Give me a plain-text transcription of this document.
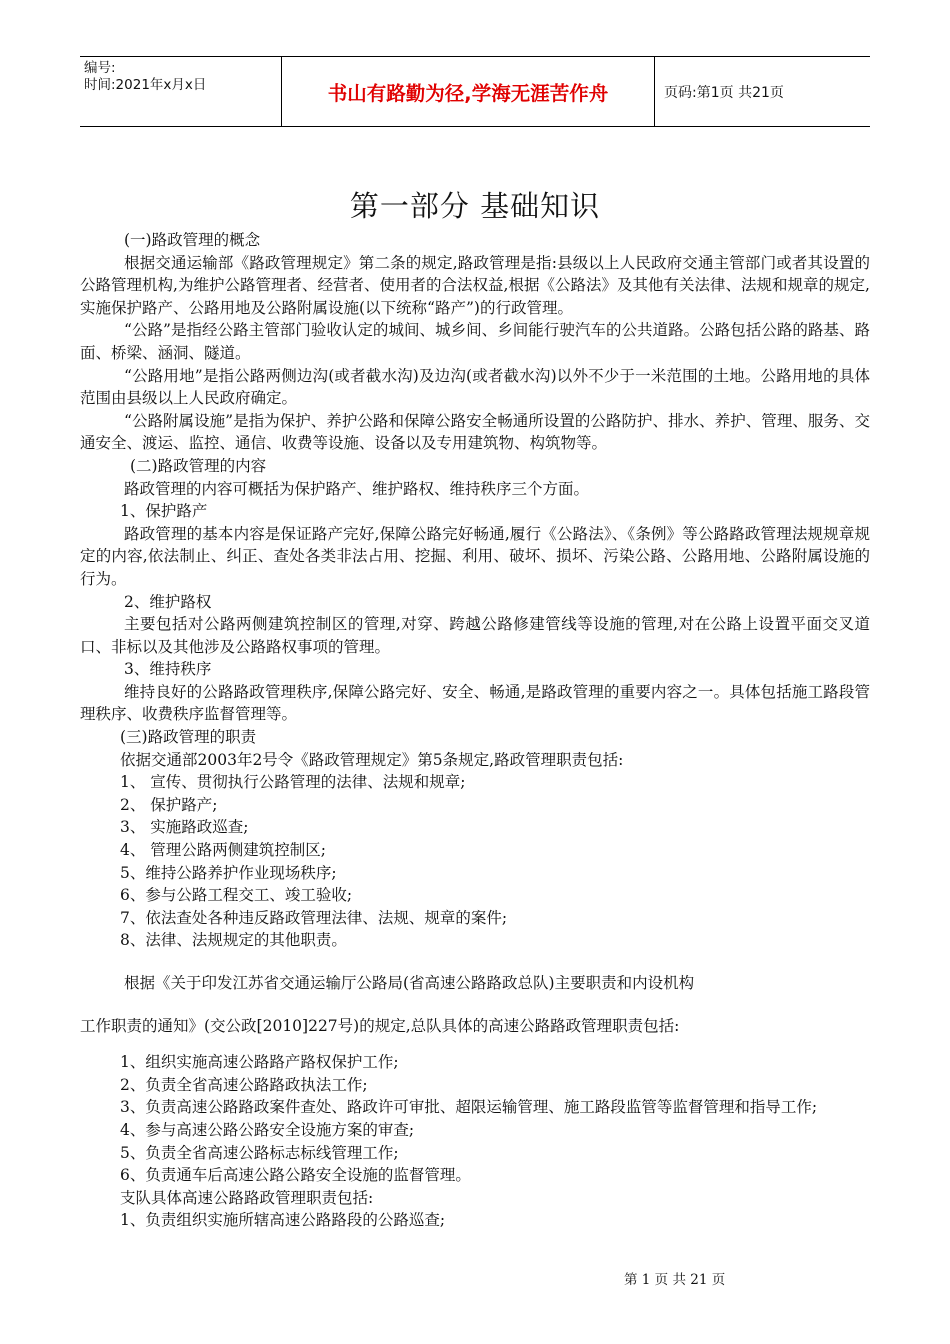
编号:
时间:2021年x月x日	书山有路勤为径,学海无涯苦作舟	页码:第1页 共21页
第一部分 基础知识

(一)路政管理的概念

根据交通运输部《路政管理规定》第二条的规定,路政管理是指:县级以上人民政府交通主管部门或者其设置的公路管理机构,为维护公路管理者、经营者、使用者的合法权益,根据《公路法》及其他有关法律、法规和规章的规定,实施保护路产、公路用地及公路附属设施(以下统称“路产”)的行政管理。

“公路”是指经公路主管部门验收认定的城间、城乡间、乡间能行驶汽车的公共道路。公路包括公路的路基、路面、桥梁、涵洞、隧道。

“公路用地”是指公路两侧边沟(或者截水沟)及边沟(或者截水沟)以外不少于一米范围的土地。公路用地的具体范围由县级以上人民政府确定。

“公路附属设施”是指为保护、养护公路和保障公路安全畅通所设置的公路防护、排水、养护、管理、服务、交通安全、渡运、监控、通信、收费等设施、设备以及专用建筑物、构筑物等。

(二)路政管理的内容

路政管理的内容可概括为保护路产、维护路权、维持秩序三个方面。

1、保护路产

路政管理的基本内容是保证路产完好,保障公路完好畅通,履行《公路法》、《条例》等公路路政管理法规规章规定的内容,依法制止、纠正、查处各类非法占用、挖掘、利用、破坏、损坏、污染公路、公路用地、公路附属设施的行为。

2、维护路权

主要包括对公路两侧建筑控制区的管理,对穿、跨越公路修建管线等设施的管理,对在公路上设置平面交叉道口、非标以及其他涉及公路路权事项的管理。

3、维持秩序

维持良好的公路路政管理秩序,保障公路完好、安全、畅通,是路政管理的重要内容之一。具体包括施工路段管理秩序、收费秩序监督管理等。

(三)路政管理的职责

依据交通部2003年2号令《路政管理规定》第5条规定,路政管理职责包括:

1、 宣传、贯彻执行公路管理的法律、法规和规章;

2、 保护路产;

3、 实施路政巡查;

4、 管理公路两侧建筑控制区;

5、维持公路养护作业现场秩序;

6、参与公路工程交工、竣工验收;

7、依法查处各种违反路政管理法律、法规、规章的案件;

8、法律、法规规定的其他职责。

根据《关于印发江苏省交通运输厅公路局(省高速公路路政总队)主要职责和内设机构

工作职责的通知》(交公政[2010]227号)的规定,总队具体的高速公路路政管理职责包括:

1、组织实施高速公路路产路权保护工作;

2、负责全省高速公路路政执法工作;

3、负责高速公路路政案件查处、路政许可审批、超限运输管理、施工路段监管等监督管理和指导工作;

4、参与高速公路公路安全设施方案的审查;

5、负责全省高速公路标志标线管理工作;

6、负责通车后高速公路公路安全设施的监督管理。

支队具体高速公路路政管理职责包括:

1、负责组织实施所辖高速公路路段的公路巡查;

第 1 页 共 21 页
